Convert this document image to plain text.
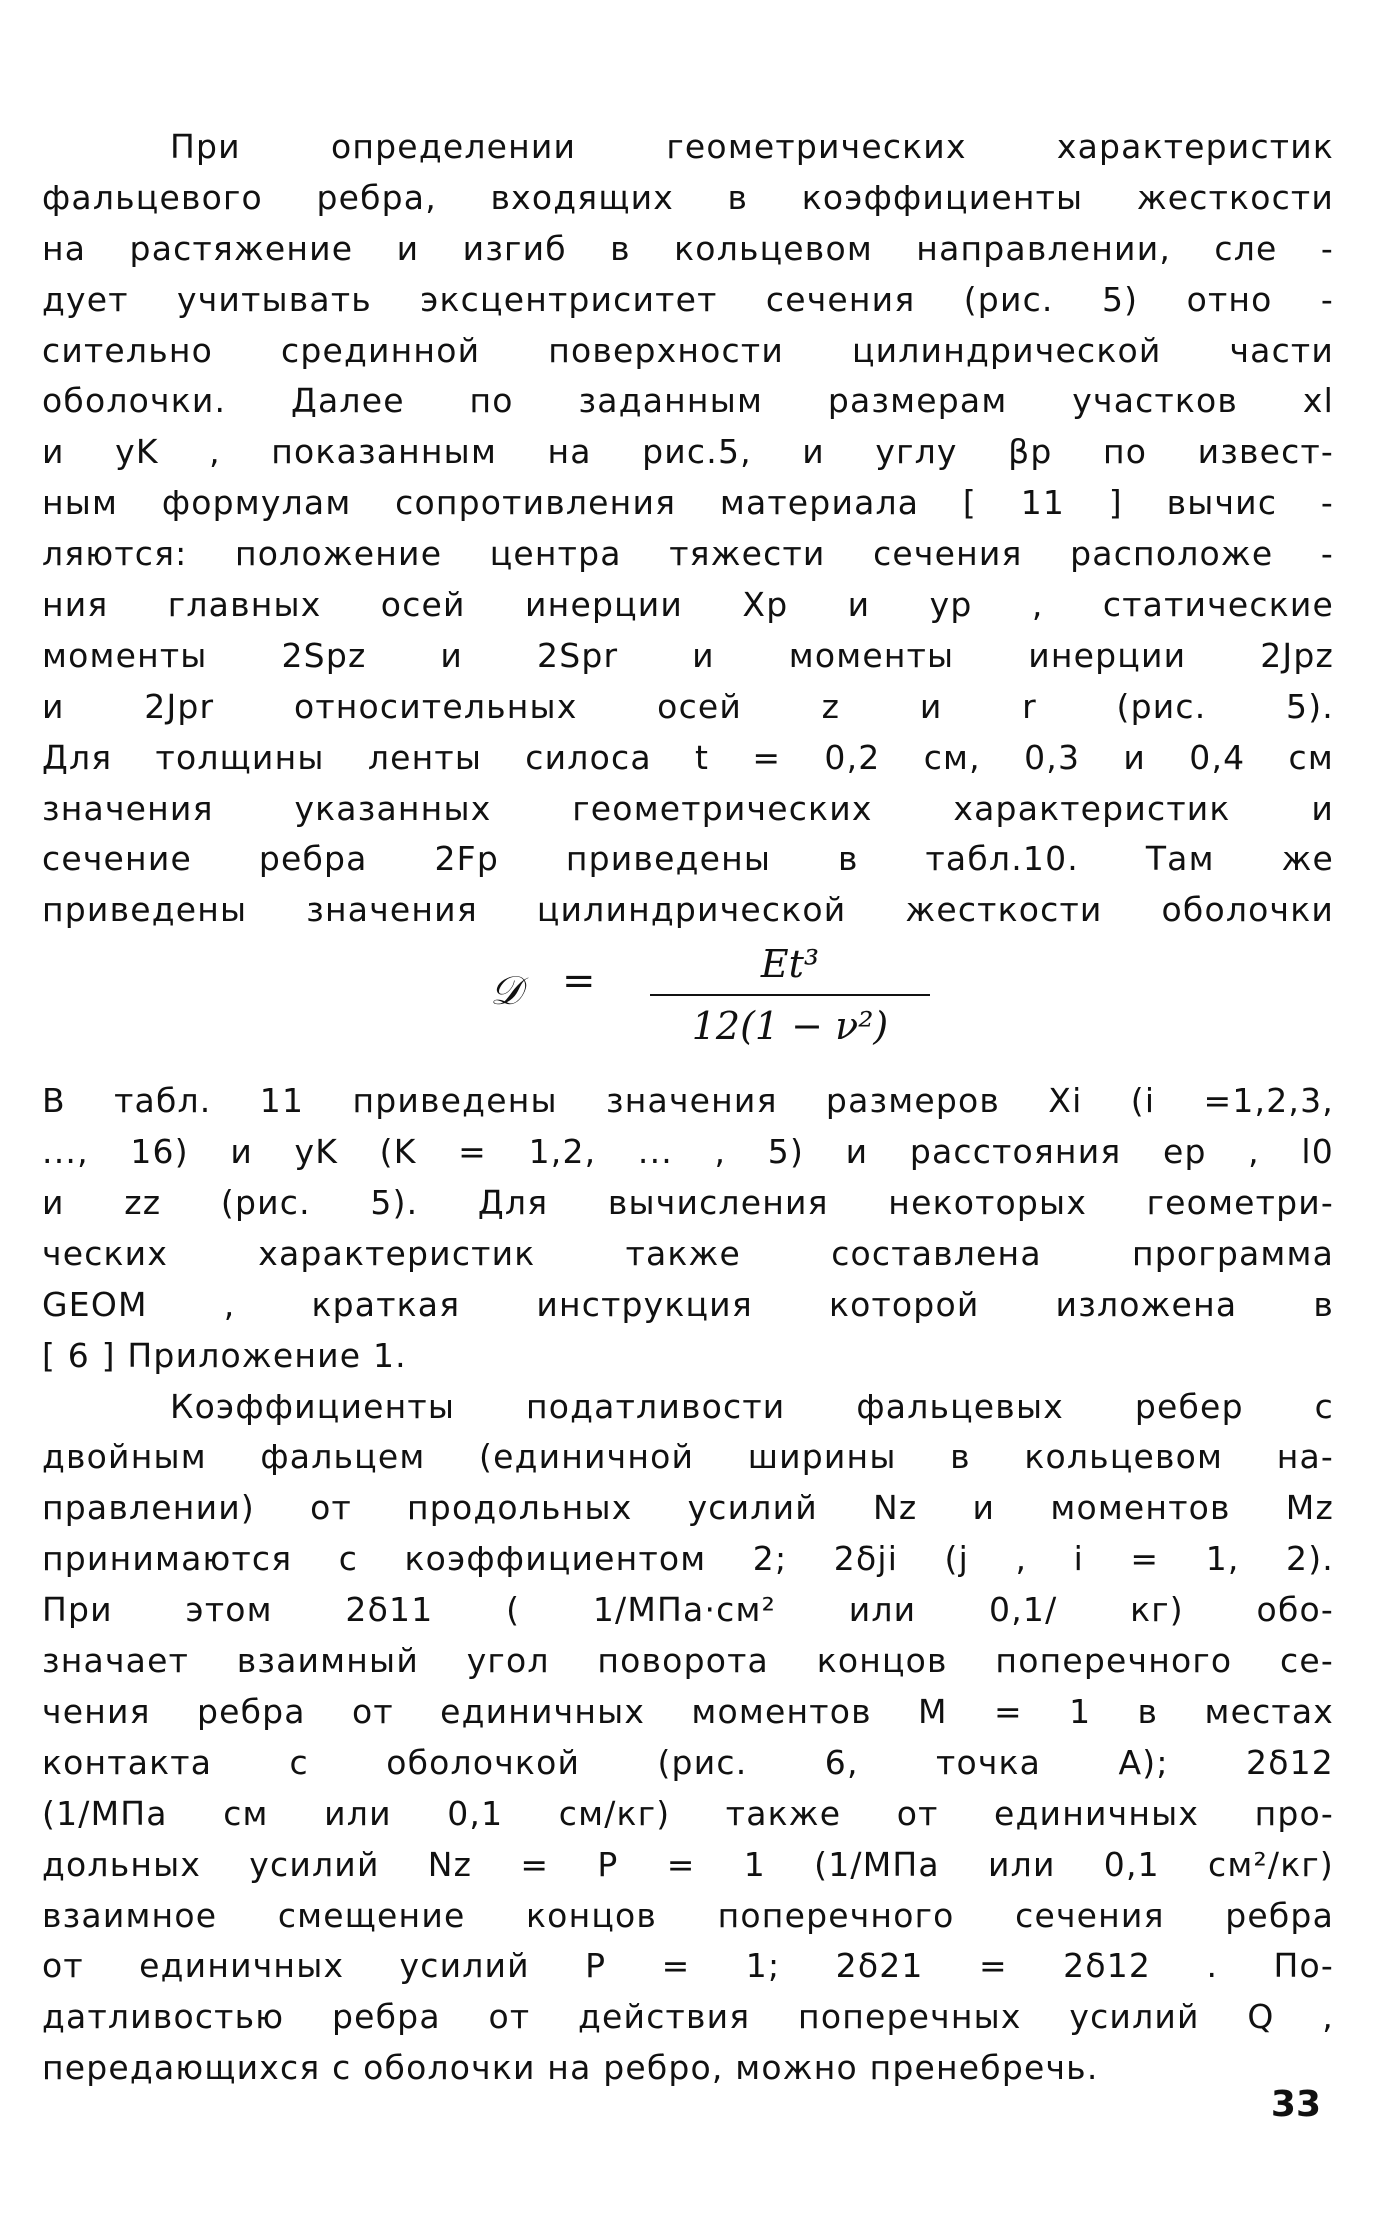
При определении геометрических характеристик
фальцевого ребра, входящих в коэффициенты жесткости
на растяжение и изгиб в кольцевом направлении, сле -
дует учитывать эксцентриситет сечения (рис. 5) отно -
сительно срединной поверхности цилиндрической части
оболочки. Далее по заданным размерам участков xl
и yK , показанным на рис.5, и углу βp по извест-
ным формулам сопротивления материала [ 11 ] вычис -
ляются: положение центра тяжести сечения расположе -
ния главных осей инерции Xp и yp , статические
моменты 2Spz и 2Spr и моменты инерции 2Jpz
и 2Jpr относительных осей z и r (рис. 5).
Для толщины ленты силоса t = 0,2 см, 0,3 и 0,4 см
значения указанных геометрических характеристик и
сечение ребра 2Fp приведены в табл.10. Там же
приведены значения цилиндрической жесткости оболочки
𝒟 =	Et³
12(1 − ν²)
В табл. 11 приведены значения размеров Xi (i =1,2,3,
..., 16) и yK (K = 1,2, ... , 5) и расстояния ep , l0
и zz (рис. 5). Для вычисления некоторых геометри-
ческих характеристик также составлена программа
GEOM , краткая инструкция которой изложена в
[ 6 ] Приложение 1.
Коэффициенты податливости фальцевых ребер с
двойным фальцем (единичной ширины в кольцевом на-
правлении) от продольных усилий Nz и моментов Mz
принимаются с коэффициентом 2; 2δji (j , i = 1, 2).
При этом 2δ11 ( 1/МПа·см² или 0,1/ кг) обо-
значает взаимный угол поворота концов поперечного се-
чения ребра от единичных моментов M = 1 в местах
контакта с оболочкой (рис. 6, точка A); 2δ12
(1/МПа см или 0,1 см/кг) также от единичных про-
дольных усилий Nz = P = 1 (1/МПа или 0,1 см²/кг)
взаимное смещение концов поперечного сечения ребра
от единичных усилий P = 1; 2δ21 = 2δ12 . По-
датливостью ребра от действия поперечных усилий Q ,
передающихся с оболочки на ребро, можно пренебречь.
33
